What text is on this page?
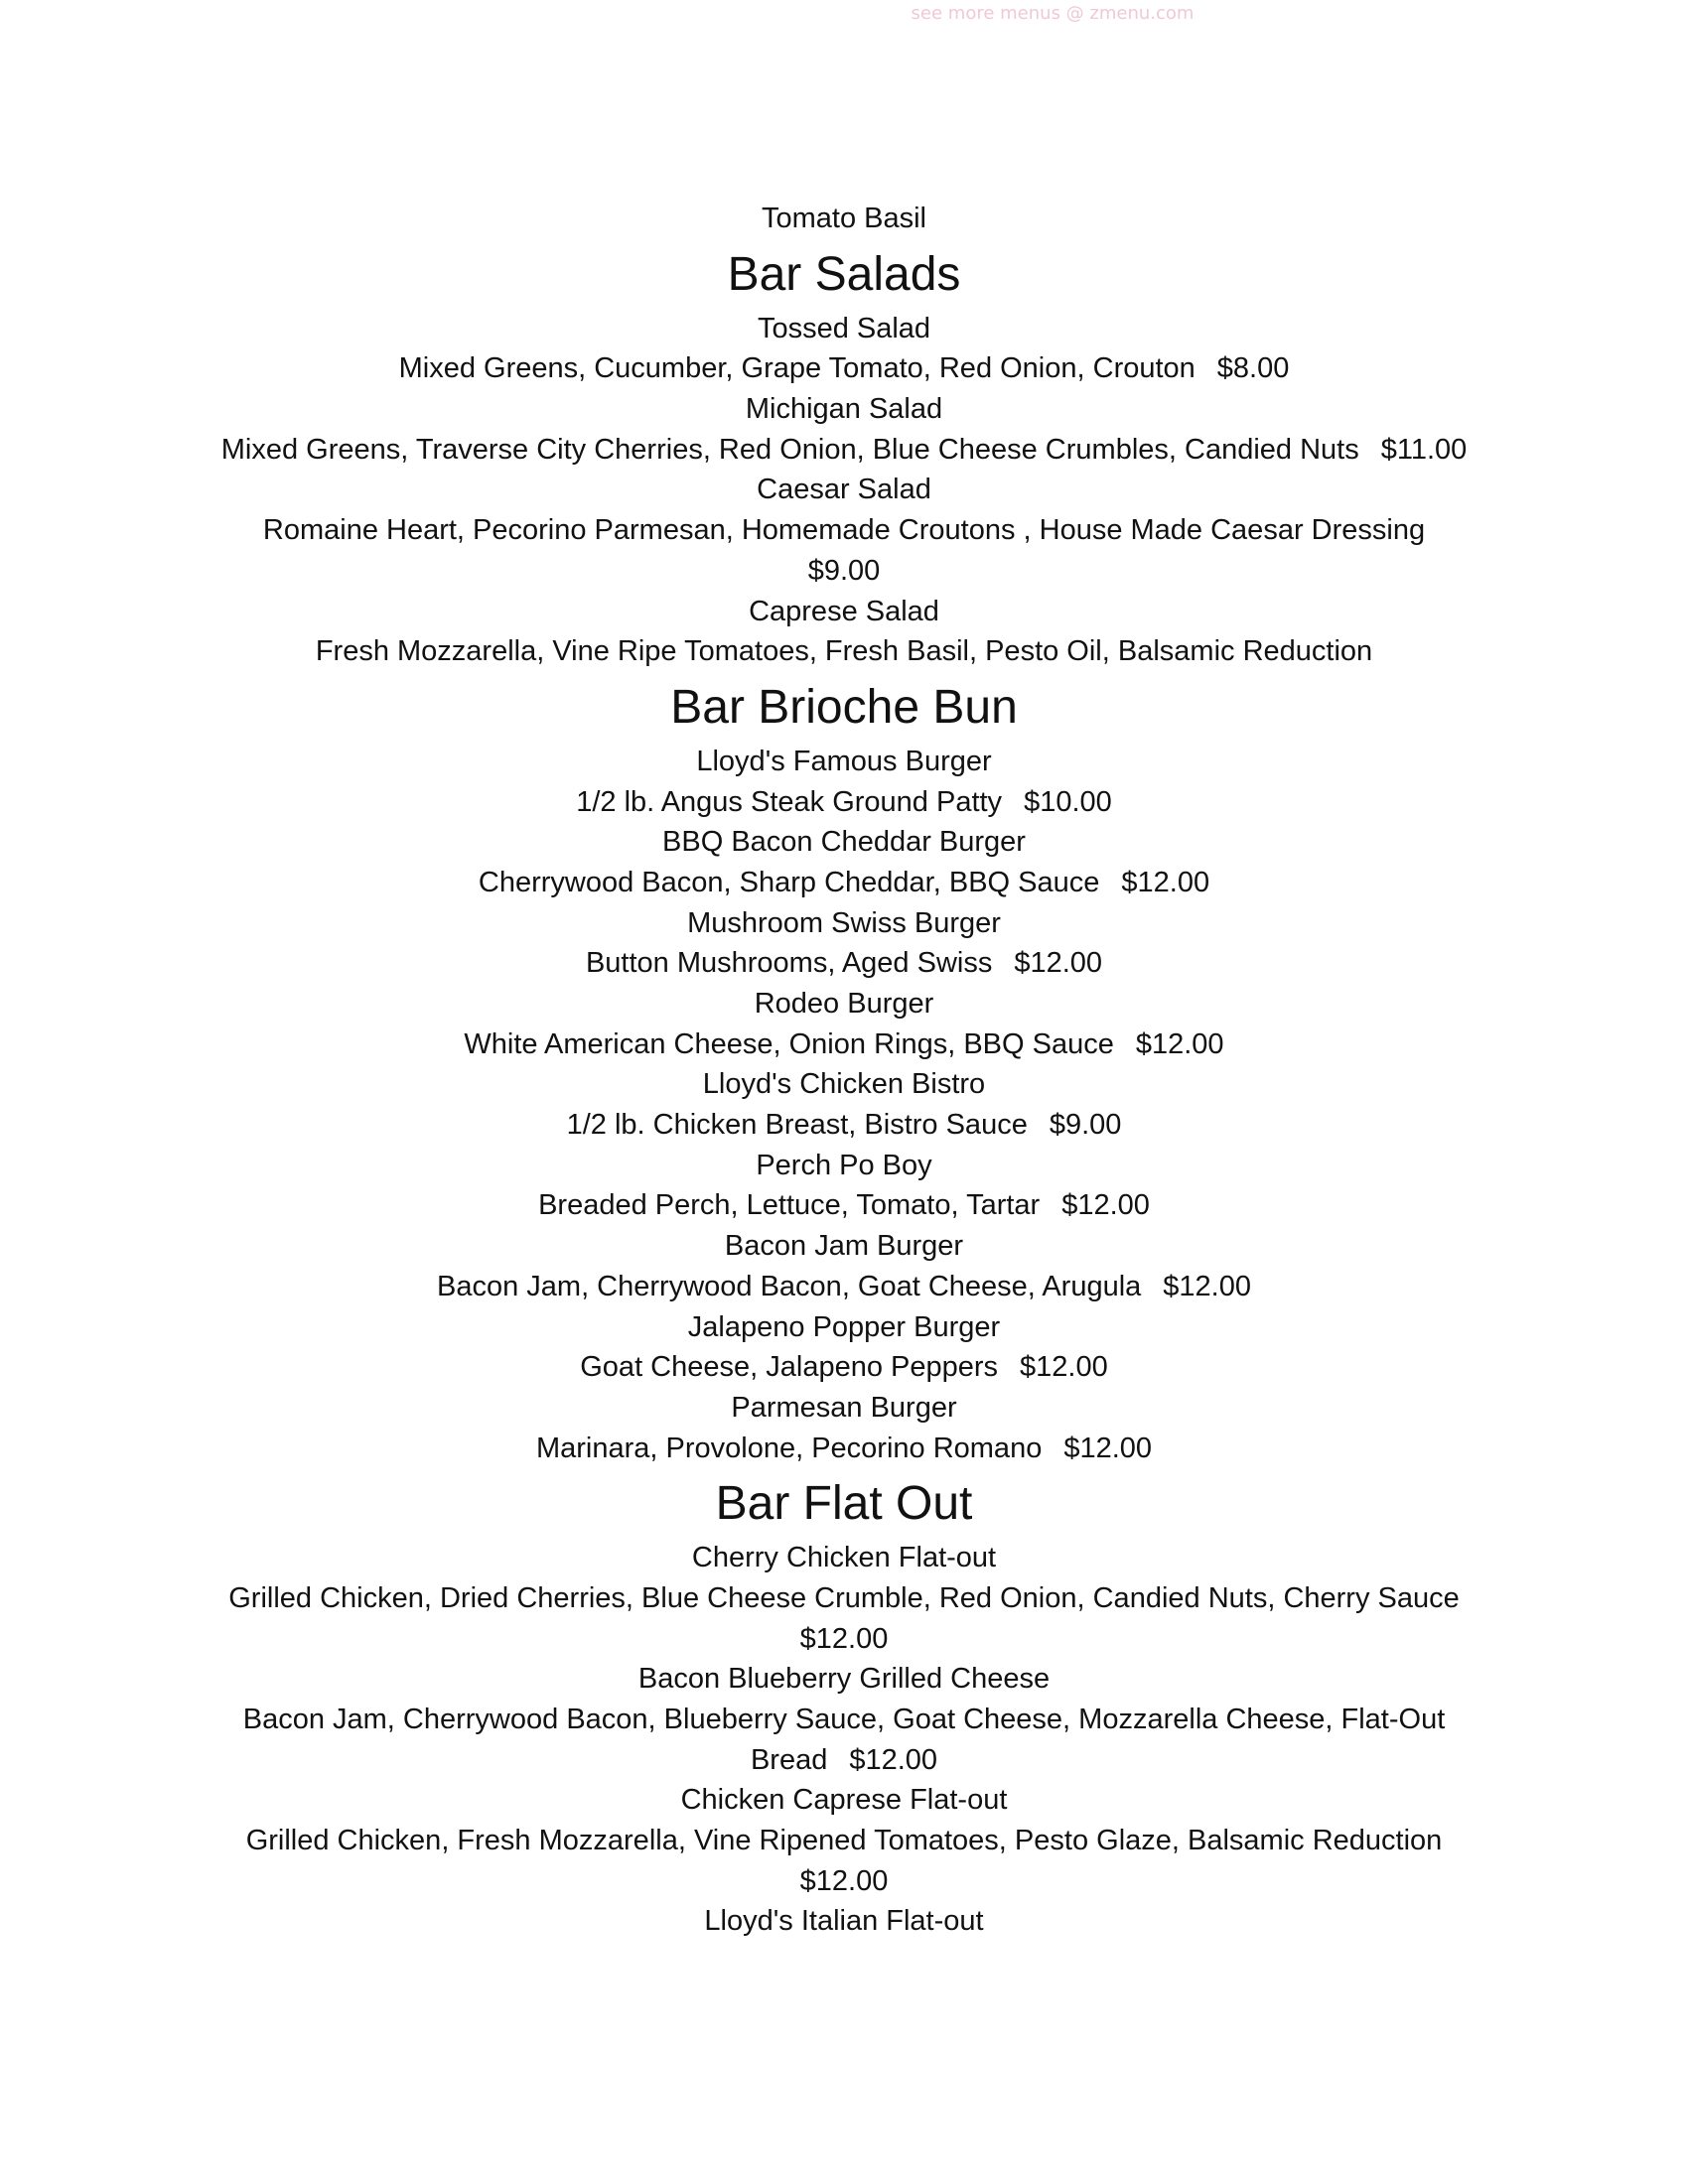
see more menus @ zmenu.com
Tomato Basil
Bar Salads
Tossed Salad
Mixed Greens, Cucumber, Grape Tomato, Red Onion, Crouton $8.00
Michigan Salad
Mixed Greens, Traverse City Cherries, Red Onion, Blue Cheese Crumbles, Candied Nuts $11.00
Caesar Salad
Romaine Heart, Pecorino Parmesan, Homemade Croutons , House Made Caesar Dressing
$9.00
Caprese Salad
Fresh Mozzarella, Vine Ripe Tomatoes, Fresh Basil, Pesto Oil, Balsamic Reduction
Bar Brioche Bun
Lloyd's Famous Burger
1/2 lb. Angus Steak Ground Patty $10.00
BBQ Bacon Cheddar Burger
Cherrywood Bacon, Sharp Cheddar, BBQ Sauce $12.00
Mushroom Swiss Burger
Button Mushrooms, Aged Swiss $12.00
Rodeo Burger
White American Cheese, Onion Rings, BBQ Sauce $12.00
Lloyd's Chicken Bistro
1/2 lb. Chicken Breast, Bistro Sauce $9.00
Perch Po Boy
Breaded Perch, Lettuce, Tomato, Tartar $12.00
Bacon Jam Burger
Bacon Jam, Cherrywood Bacon, Goat Cheese, Arugula $12.00
Jalapeno Popper Burger
Goat Cheese, Jalapeno Peppers $12.00
Parmesan Burger
Marinara, Provolone, Pecorino Romano $12.00
Bar Flat Out
Cherry Chicken Flat-out
Grilled Chicken, Dried Cherries, Blue Cheese Crumble, Red Onion, Candied Nuts, Cherry Sauce
$12.00
Bacon Blueberry Grilled Cheese
Bacon Jam, Cherrywood Bacon, Blueberry Sauce, Goat Cheese, Mozzarella Cheese, Flat-Out
Bread $12.00
Chicken Caprese Flat-out
Grilled Chicken, Fresh Mozzarella, Vine Ripened Tomatoes, Pesto Glaze, Balsamic Reduction
$12.00
Lloyd's Italian Flat-out
